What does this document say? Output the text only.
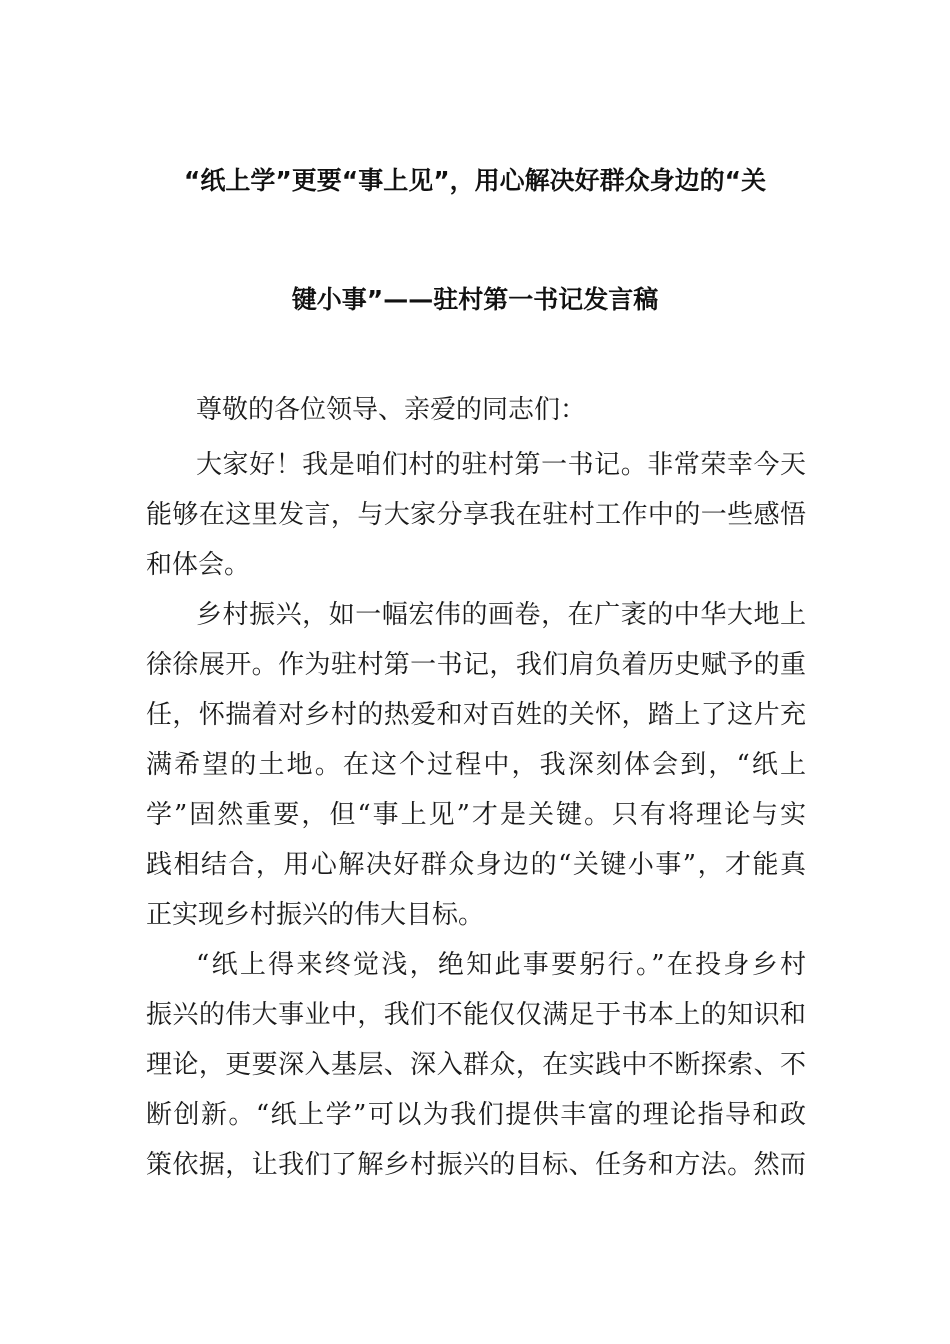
“纸上学”更要“事上见”，用心解决好群众身边的“关
键小事”——驻村第一书记发言稿
尊敬的各位领导、亲爱的同志们：
大家好！我是咱们村的驻村第一书记。非常荣幸今天
能够在这里发言，与大家分享我在驻村工作中的一些感悟
和体会。
乡村振兴，如一幅宏伟的画卷，在广袤的中华大地上
徐徐展开。作为驻村第一书记，我们肩负着历史赋予的重
任，怀揣着对乡村的热爱和对百姓的关怀，踏上了这片充
满希望的土地。在这个过程中，我深刻体会到，“纸上
学”固然重要，但“事上见”才是关键。只有将理论与实
践相结合，用心解决好群众身边的“关键小事”，才能真
正实现乡村振兴的伟大目标。
“纸上得来终觉浅，绝知此事要躬行。”在投身乡村
振兴的伟大事业中，我们不能仅仅满足于书本上的知识和
理论，更要深入基层、深入群众，在实践中不断探索、不
断创新。“纸上学”可以为我们提供丰富的理论指导和政
策依据，让我们了解乡村振兴的目标、任务和方法。然而
